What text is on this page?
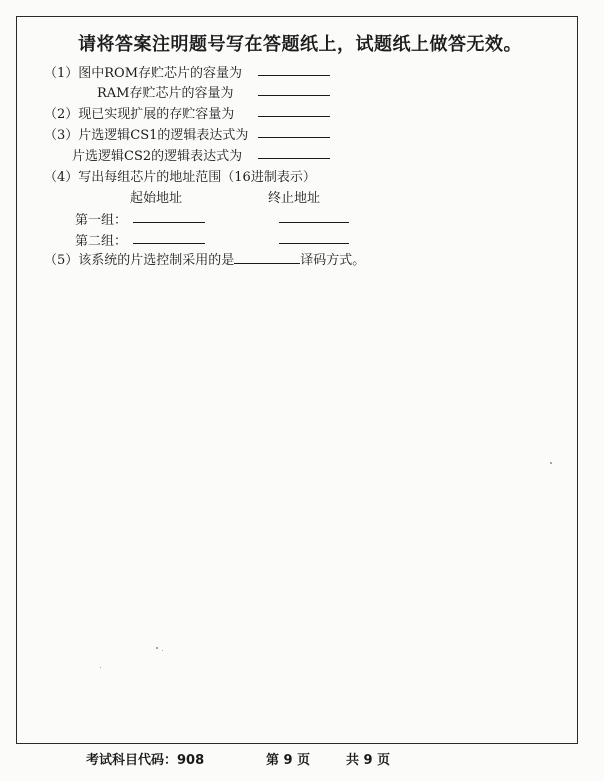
请将答案注明题号写在答题纸上，试题纸上做答无效。
（1）图中ROM存贮芯片的容量为
RAM存贮芯片的容量为
（2）现已实现扩展的存贮容量为
（3）片选逻辑CS1的逻辑表达式为
片选逻辑CS2的逻辑表达式为
（4）写出每组芯片的地址范围（16进制表示）
起始地址	终止地址
第一组：
第二组：
（5）该系统的片选控制采用的是	译码方式。
考试科目代码：908	第 9 页	共 9 页
